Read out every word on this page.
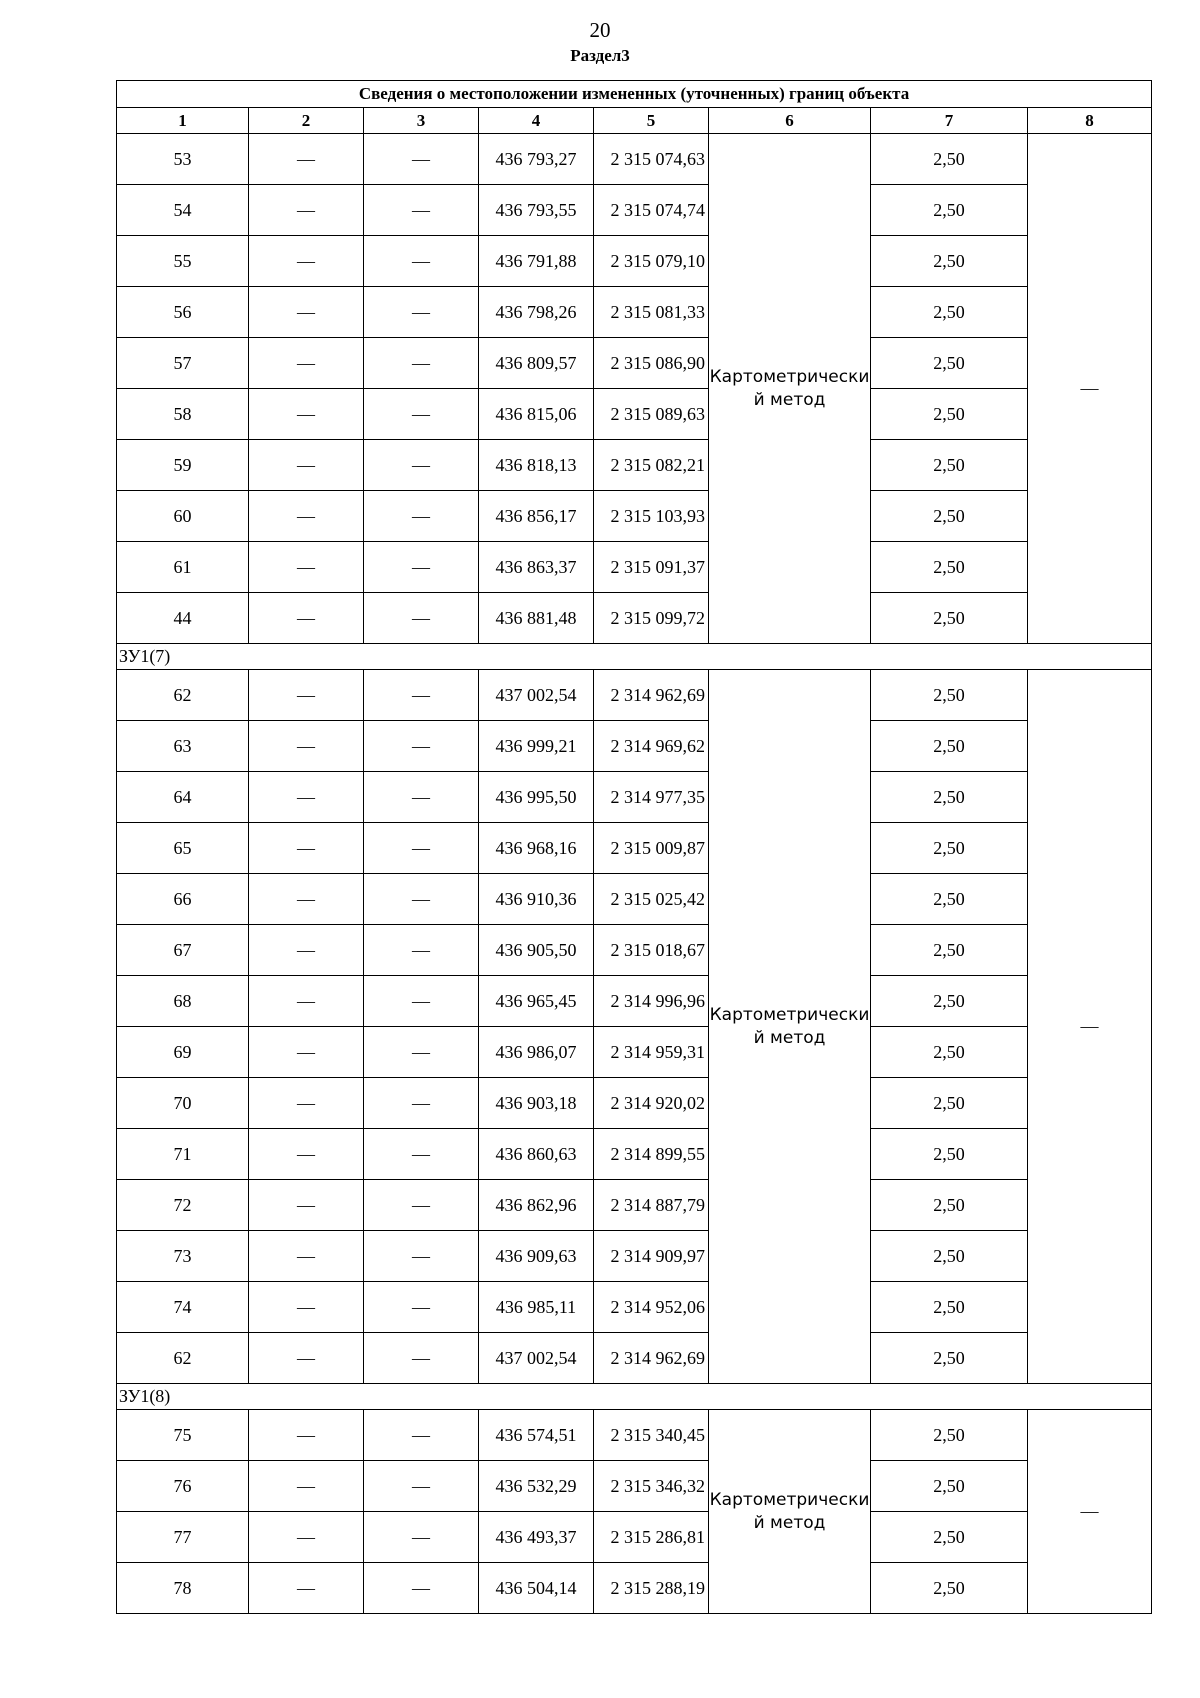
20
Раздел3
Сведения о местоположении измененных (уточненных) границ объекта							
1	2	3	4	5	6	7	8
53	—	—	436 793,27	2 315 074,63	Картометрически й метод	2,50	—
54	—	—	436 793,55	2 315 074,74		2,50	
55	—	—	436 791,88	2 315 079,10		2,50	
56	—	—	436 798,26	2 315 081,33		2,50	
57	—	—	436 809,57	2 315 086,90		2,50	
58	—	—	436 815,06	2 315 089,63		2,50	
59	—	—	436 818,13	2 315 082,21		2,50	
60	—	—	436 856,17	2 315 103,93		2,50	
61	—	—	436 863,37	2 315 091,37		2,50	
44	—	—	436 881,48	2 315 099,72		2,50	
ЗУ1(7)							
62	—	—	437 002,54	2 314 962,69	Картометрически й метод	2,50	—
63	—	—	436 999,21	2 314 969,62		2,50	
64	—	—	436 995,50	2 314 977,35		2,50	
65	—	—	436 968,16	2 315 009,87		2,50	
66	—	—	436 910,36	2 315 025,42		2,50	
67	—	—	436 905,50	2 315 018,67		2,50	
68	—	—	436 965,45	2 314 996,96		2,50	
69	—	—	436 986,07	2 314 959,31		2,50	
70	—	—	436 903,18	2 314 920,02		2,50	
71	—	—	436 860,63	2 314 899,55		2,50	
72	—	—	436 862,96	2 314 887,79		2,50	
73	—	—	436 909,63	2 314 909,97		2,50	
74	—	—	436 985,11	2 314 952,06		2,50	
62	—	—	437 002,54	2 314 962,69		2,50	
ЗУ1(8)							
75	—	—	436 574,51	2 315 340,45	Картометрически й метод	2,50	—
76	—	—	436 532,29	2 315 346,32		2,50	
77	—	—	436 493,37	2 315 286,81		2,50	
78	—	—	436 504,14	2 315 288,19		2,50	
